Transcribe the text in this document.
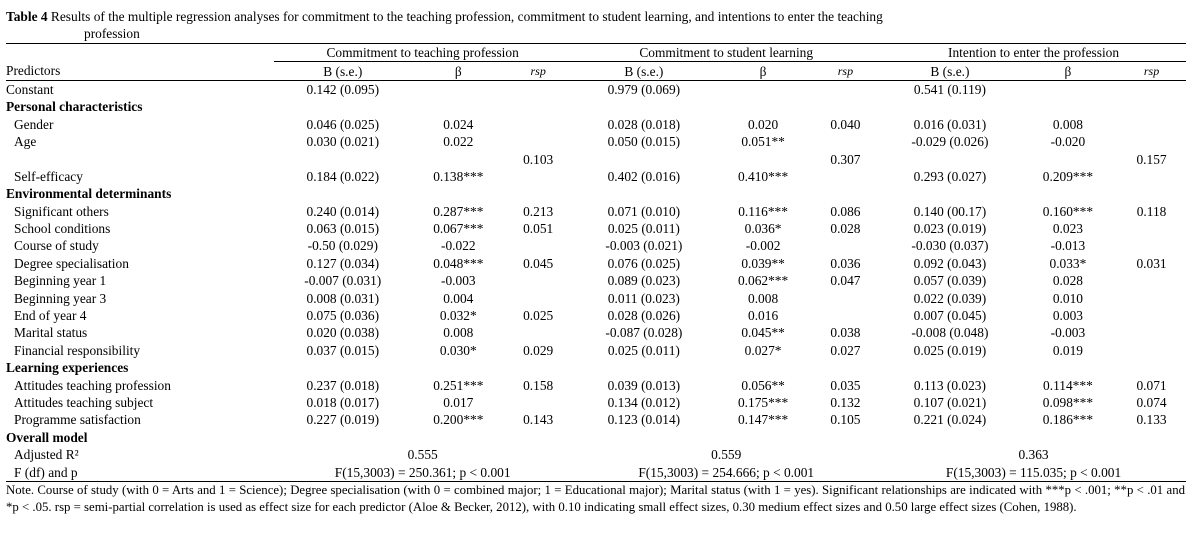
Table 4 Results of the multiple regression analyses for commitment to the teaching profession, commitment to student learning, and intentions to enter the teaching
profession
	Commitment to teaching profession			Commitment to student learning			Intention to enter the profession		
Predictors	B (s.e.)	β	rsp	B (s.e.)	β	rsp	B (s.e.)	β	rsp
Constant	0.142 (0.095)			0.979 (0.069)			0.541 (0.119)		
Personal characteristics									
Gender	0.046 (0.025)	0.024		0.028 (0.018)	0.020	0.040	0.016 (0.031)	0.008	
Age	0.030 (0.021)	0.022		0.050 (0.015)	0.051**		-0.029 (0.026)	-0.020	
			0.103			0.307			0.157
Self-efficacy	0.184 (0.022)	0.138***		0.402 (0.016)	0.410***		0.293 (0.027)	0.209***	
Environmental determinants									
Significant others	0.240 (0.014)	0.287***	0.213	0.071 (0.010)	0.116***	0.086	0.140 (00.17)	0.160***	0.118
School conditions	0.063 (0.015)	0.067***	0.051	0.025 (0.011)	0.036*	0.028	0.023 (0.019)	0.023	
Course of study	-0.50 (0.029)	-0.022		-0.003 (0.021)	-0.002		-0.030 (0.037)	-0.013	
Degree specialisation	0.127 (0.034)	0.048***	0.045	0.076 (0.025)	0.039**	0.036	0.092 (0.043)	0.033*	0.031
Beginning year 1	-0.007 (0.031)	-0.003		0.089 (0.023)	0.062***	0.047	0.057 (0.039)	0.028	
Beginning year 3	0.008 (0.031)	0.004		0.011 (0.023)	0.008		0.022 (0.039)	0.010	
End of year 4	0.075 (0.036)	0.032*	0.025	0.028 (0.026)	0.016		0.007 (0.045)	0.003	
Marital status	0.020 (0.038)	0.008		-0.087 (0.028)	0.045**	0.038	-0.008 (0.048)	-0.003	
Financial responsibility	0.037 (0.015)	0.030*	0.029	0.025 (0.011)	0.027*	0.027	0.025 (0.019)	0.019	
Learning experiences									
Attitudes teaching profession	0.237 (0.018)	0.251***	0.158	0.039 (0.013)	0.056**	0.035	0.113 (0.023)	0.114***	0.071
Attitudes teaching subject	0.018 (0.017)	0.017		0.134 (0.012)	0.175***	0.132	0.107 (0.021)	0.098***	0.074
Programme satisfaction	0.227 (0.019)	0.200***	0.143	0.123 (0.014)	0.147***	0.105	0.221 (0.024)	0.186***	0.133
Overall model									
Adjusted R²	0.555			0.559			0.363		
F (df) and p	F(15,3003) = 250.361; p < 0.001			F(15,3003) = 254.666; p < 0.001			F(15,3003) = 115.035; p < 0.001		
Note. Course of study (with 0 = Arts and 1 = Science); Degree specialisation (with 0 = combined major; 1 = Educational major); Marital status (with 1 = yes). Significant relationships are indicated with ***p < .001; **p < .01 and *p < .05. rsp = semi-partial correlation is used as effect size for each predictor (Aloe & Becker, 2012), with 0.10 indicating small effect sizes, 0.30 medium effect sizes and 0.50 large effect sizes (Cohen, 1988).
